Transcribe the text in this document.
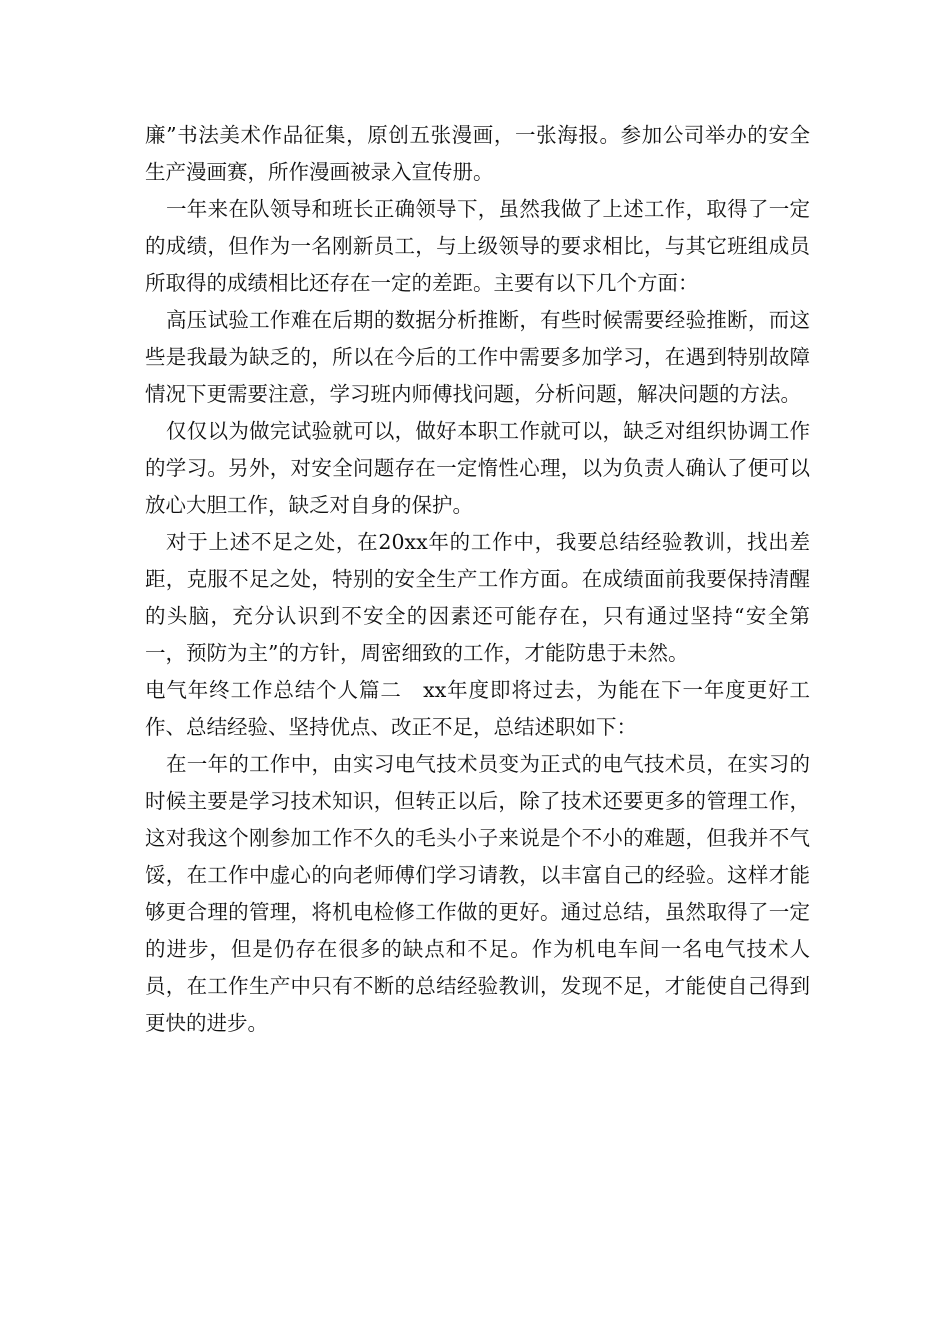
廉”书法美术作品征集，原创五张漫画，一张海报。参加公司举办的安全生产漫画赛，所作漫画被录入宣传册。

一年来在队领导和班长正确领导下，虽然我做了上述工作，取得了一定的成绩，但作为一名刚新员工，与上级领导的要求相比，与其它班组成员所取得的成绩相比还存在一定的差距。主要有以下几个方面：

高压试验工作难在后期的数据分析推断，有些时候需要经验推断，而这些是我最为缺乏的，所以在今后的工作中需要多加学习，在遇到特别故障情况下更需要注意，学习班内师傅找问题，分析问题，解决问题的方法。

仅仅以为做完试验就可以，做好本职工作就可以，缺乏对组织协调工作的学习。另外，对安全问题存在一定惰性心理，以为负责人确认了便可以放心大胆工作，缺乏对自身的保护。

对于上述不足之处，在20xx年的工作中，我要总结经验教训，找出差距，克服不足之处，特别的安全生产工作方面。在成绩面前我要保持清醒的头脑，充分认识到不安全的因素还可能存在，只有通过坚持“安全第一，预防为主”的方针，周密细致的工作，才能防患于未然。

电气年终工作总结个人篇二　xx年度即将过去，为能在下一年度更好工作、总结经验、坚持优点、改正不足，总结述职如下：

在一年的工作中，由实习电气技术员变为正式的电气技术员，在实习的时候主要是学习技术知识，但转正以后，除了技术还要更多的管理工作，这对我这个刚参加工作不久的毛头小子来说是个不小的难题，但我并不气馁，在工作中虚心的向老师傅们学习请教，以丰富自己的经验。这样才能够更合理的管理，将机电检修工作做的更好。通过总结，虽然取得了一定的进步，但是仍存在很多的缺点和不足。作为机电车间一名电气技术人员，在工作生产中只有不断的总结经验教训，发现不足，才能使自己得到更快的进步。
